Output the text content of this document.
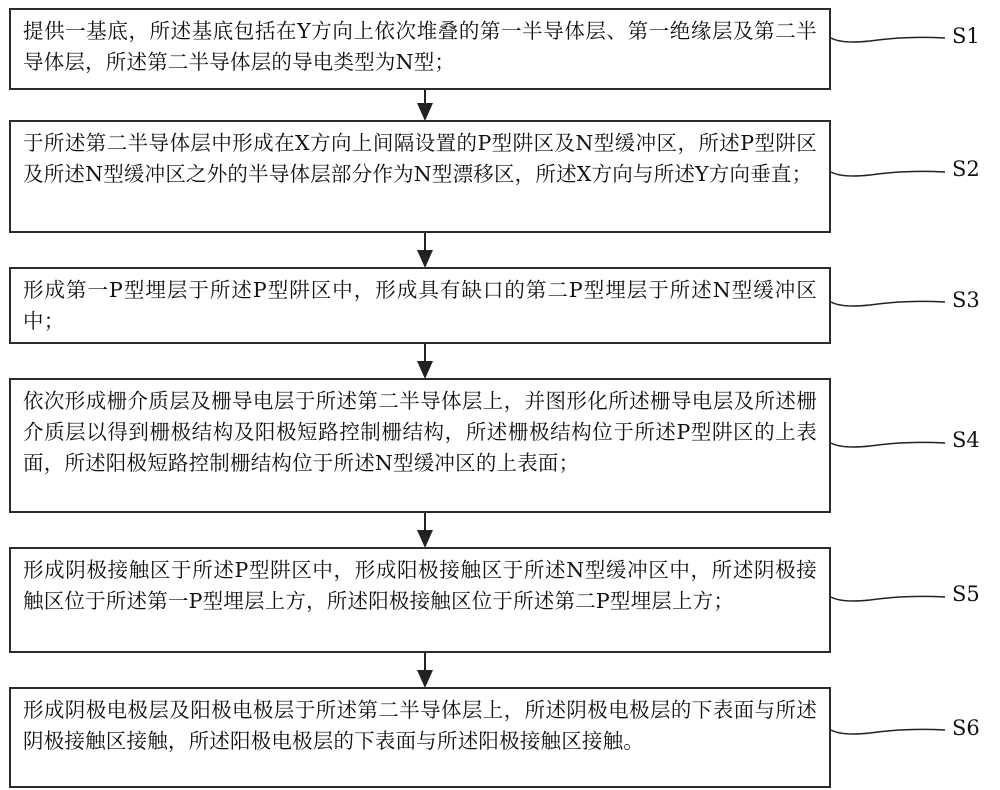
提供一基底，所述基底包括在Y方向上依次堆叠的第一半导体层、第一绝缘层及第二半导体层，所述第二半导体层的导电类型为N型；
S1
于所述第二半导体层中形成在X方向上间隔设置的P型阱区及N型缓冲区，所述P型阱区及所述N型缓冲区之外的半导体层部分作为N型漂移区，所述X方向与所述Y方向垂直；	S2
形成第一P型埋层于所述P型阱区中，形成具有缺口的第二P型埋层于所述N型缓冲区中；
S3
依次形成栅介质层及栅导电层于所述第二半导体层上，并图形化所述栅导电层及所述栅介质层以得到栅极结构及阳极短路控制栅结构，所述栅极结构位于所述P型阱区的上表面，所述阳极短路控制栅结构位于所述N型缓冲区的上表面；
S4
形成阴极接触区于所述P型阱区中，形成阳极接触区于所述N型缓冲区中，所述阴极接触区位于所述第一P型埋层上方，所述阳极接触区位于所述第二P型埋层上方；	S5
形成阴极电极层及阳极电极层于所述第二半导体层上，所述阴极电极层的下表面与所述阴极接触区接触，所述阳极电极层的下表面与所述阳极接触区接触。
S6
